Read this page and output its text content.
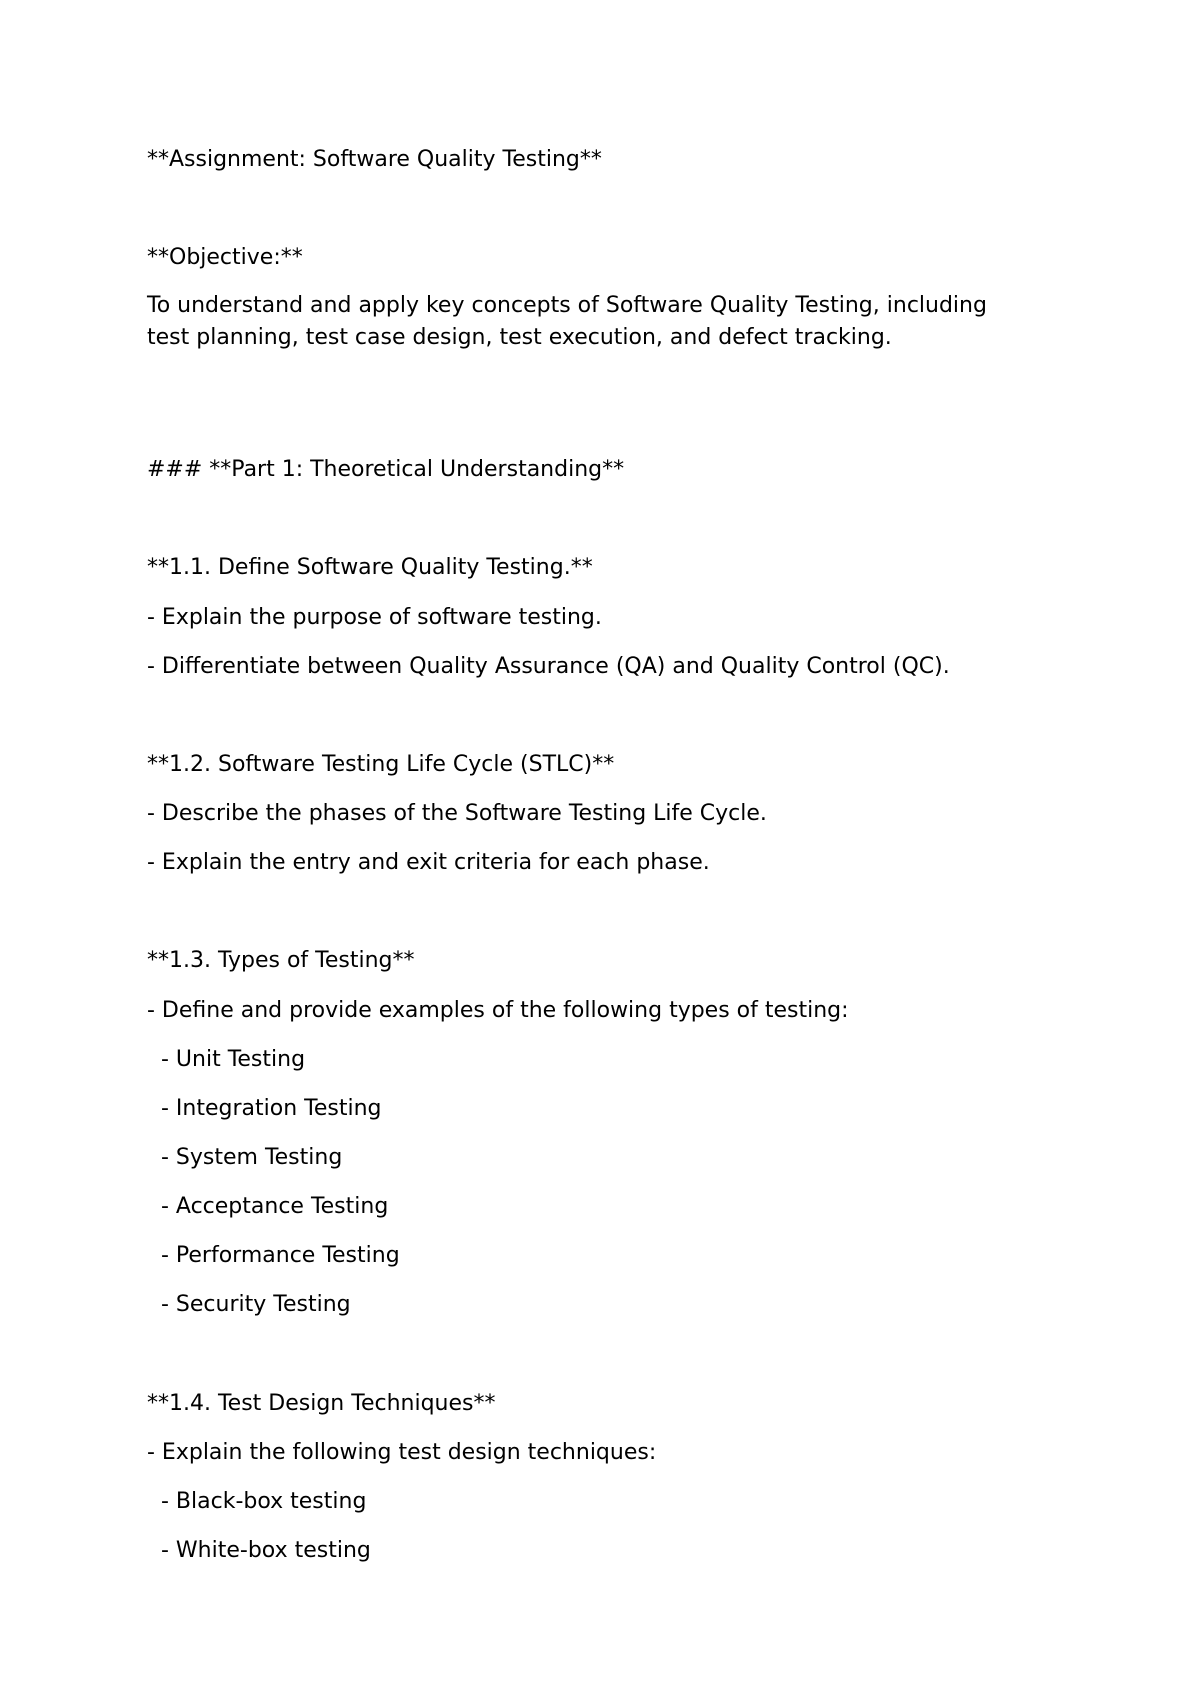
**Assignment: Software Quality Testing**

**Objective:**

To understand and apply key concepts of Software Quality Testing, including test planning, test case design, test execution, and defect tracking.

### **Part 1: Theoretical Understanding**

**1.1. Define Software Quality Testing.**

- Explain the purpose of software testing.

- Differentiate between Quality Assurance (QA) and Quality Control (QC).

**1.2. Software Testing Life Cycle (STLC)**

- Describe the phases of the Software Testing Life Cycle.

- Explain the entry and exit criteria for each phase.

**1.3. Types of Testing**

- Define and provide examples of the following types of testing:

- Unit Testing

- Integration Testing

- System Testing

- Acceptance Testing

- Performance Testing

- Security Testing

**1.4. Test Design Techniques**

- Explain the following test design techniques:

- Black-box testing

- White-box testing
